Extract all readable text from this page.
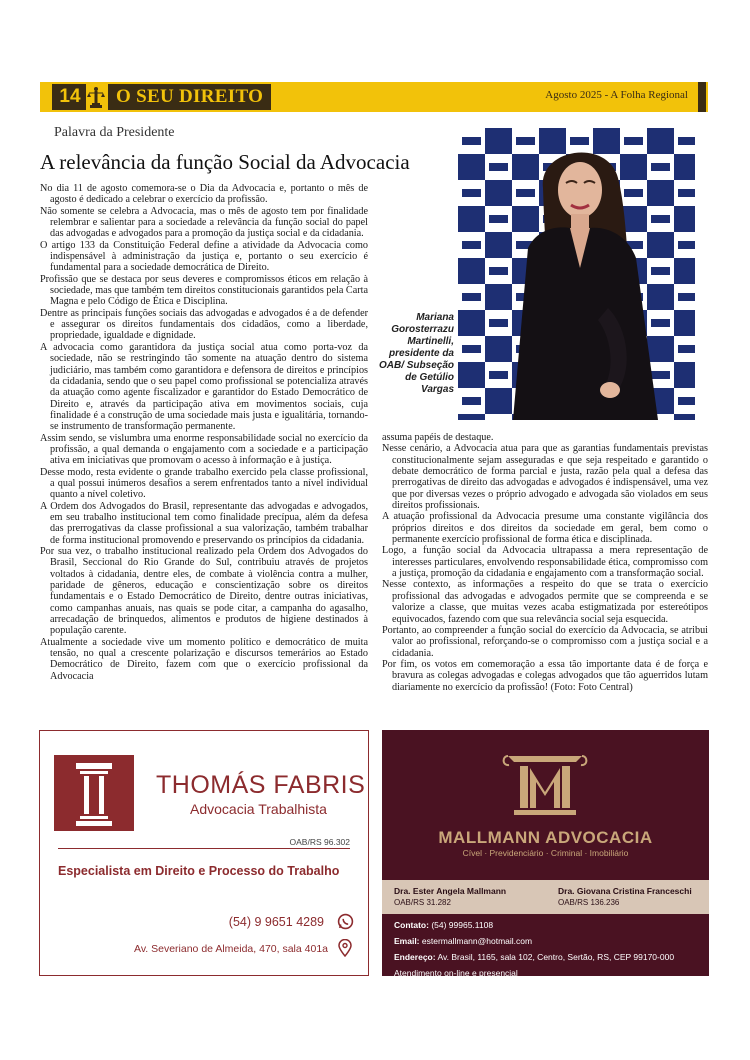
14	O SEU DIREITO	Agosto 2025 - A Folha Regional
Palavra da Presidente
A relevância da função Social da Advocacia
Mariana Gorosterrazu Martinelli, presidente da OAB/ Subseção de Getúlio Vargas

No dia 11 de agosto comemora-se o Dia da Advocacia e, portanto o mês de agosto é dedicado a celebrar o exercício da profissão.

Não somente se celebra a Advocacia, mas o mês de agosto tem por finalidade relembrar e salientar para a sociedade a relevância da função social do papel das advogadas e advogados para a promoção da justiça social e da cidadania.

O artigo 133 da Constituição Federal define a atividade da Advocacia como indispensável à administração da justiça e, portanto o seu exercício é fundamental para a sociedade democrática de Direito.

Profissão que se destaca por seus deveres e compromissos éticos em relação à sociedade, mas que também tem direitos constitucionais garantidos pela Carta Magna e pelo Código de Ética e Disciplina.

Dentre as principais funções sociais das advogadas e advogados é a de defender e assegurar os direitos fundamentais dos cidadãos, como a liberdade, propriedade, igualdade e dignidade.

A advocacia como garantidora da justiça social atua como porta-voz da sociedade, não se restringindo tão somente na atuação dentro do sistema judiciário, mas também como garantidora e defensora de direitos e princípios da cidadania, sendo que o seu papel como profissional se potencializa através da atuação como agente fiscalizador e garantidor do Estado Democrático de Direito e, através da participação ativa em movimentos sociais, cuja finalidade é a construção de uma sociedade mais justa e igualitária, tornando-se instrumento de transformação permanente.

Assim sendo, se vislumbra uma enorme responsabilidade social no exercício da profissão, a qual demanda o engajamento com a sociedade e a participação ativa em iniciativas que promovam o acesso à informação e à justiça.

Desse modo, resta evidente o grande trabalho exercido pela classe profissional, a qual possui inúmeros desafios a serem enfrentados tanto a nível individual quanto a nível coletivo.

A Ordem dos Advogados do Brasil, representante das advogadas e advogados, em seu trabalho institucional tem como finalidade precípua, além da defesa das prerrogativas da classe profissional a sua valorização, também trabalhar de forma institucional promovendo e preservando os princípios da cidadania.

Por sua vez, o trabalho institucional realizado pela Ordem dos Advogados do Brasil, Seccional do Rio Grande do Sul, contribuiu através de projetos voltados à cidadania, dentre eles, de combate à violência contra a mulher, paridade de gêneros, educação e conscientização sobre os direitos fundamentais e o Estado Democrático de Direito, dentre outras iniciativas, como campanhas anuais, nas quais se pode citar, a campanha do agasalho, arrecadação de brinquedos, alimentos e produtos de higiene destinados à população carente.

Atualmente a sociedade vive um momento político e democrático de muita tensão, no qual a crescente polarização e discursos temerários ao Estado Democrático de Direito, fazem com que o exercício profissional da Advocacia

assuma papéis de destaque.

Nesse cenário, a Advocacia atua para que as garantias fundamentais previstas constitucionalmente sejam asseguradas e que seja respeitado e garantido o debate democrático de forma parcial e justa, razão pela qual a defesa das prerrogativas de direito das advogadas e advogados é indispensável, uma vez que por diversas vezes o próprio advogado e advogada são violados em seus direitos profissionais.

A atuação profissional da Advocacia presume uma constante vigilância dos próprios direitos e dos direitos da sociedade em geral, bem como o permanente exercício profissional de forma ética e disciplinada.

Logo, a função social da Advocacia ultrapassa a mera representação de interesses particulares, envolvendo responsabilidade ética, compromisso com a justiça, promoção da cidadania e engajamento com a transformação social.

Nesse contexto, as informações a respeito do que se trata o exercício profissional das advogadas e advogados permite que se compreenda e se valorize a classe, que muitas vezes acaba estigmatizada por estereótipos equivocados, fazendo com que sua relevância social seja esquecida.

Portanto, ao compreender a função social do exercício da Advocacia, se atribui valor ao profissional, reforçando-se o compromisso com a justiça social e a cidadania.

Por fim, os votos em comemoração a essa tão importante data é de força e bravura as colegas advogadas e colegas advogados que tão aguerridos lutam diariamente no exercício da profissão! (Foto: Foto Central)

THOMÁS FABRIS
Advocacia Trabalhista
OAB/RS 96.302
Especialista em Direito e Processo do Trabalho
(54) 9 9651 4289
Av. Severiano de Almeida, 470, sala 401a
MALLMANN ADVOCACIA
Cível · Previdenciário · Criminal · Imobiliário
Dra. Ester Angela Mallmann
OAB/RS 31.282
Dra. Giovana Cristina Franceschi
OAB/RS 136.236
Contato: (54) 99965.1108
Email: estermallmann@hotmail.com
Endereço: Av. Brasil, 1165, sala 102, Centro, Sertão, RS, CEP 99170-000
Atendimento on-line e presencial
